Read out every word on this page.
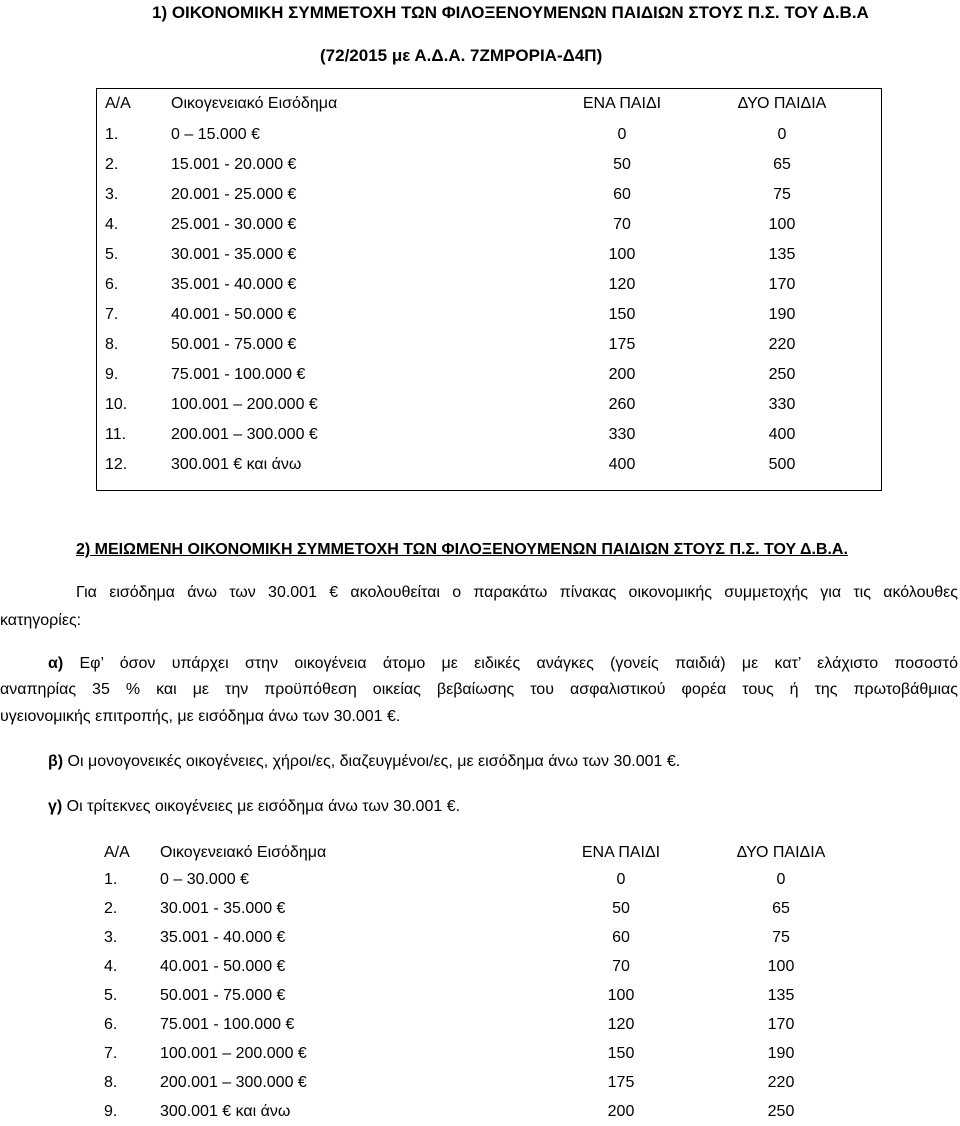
1) ΟΙΚΟΝΟΜΙΚΗ ΣΥΜΜΕΤΟΧΗ ΤΩΝ ΦΙΛΟΞΕΝΟΥΜΕΝΩΝ ΠΑΙΔΙΩΝ ΣΤΟΥΣ Π.Σ. ΤΟΥ Δ.Β.Α
(72/2015 με Α.Δ.Α. 7ΖΜΡΟΡΙΑ-Δ4Π)
Α/Α	Οικογενειακό Εισόδημα	ΕΝΑ ΠΑΙΔΙ	ΔΥΟ ΠΑΙΔΙΑ
1.	0 – 15.000 €	0	0
2.	15.001 - 20.000 €	50	65
3.	20.001 - 25.000 €	60	75
4.	25.001 - 30.000 €	70	100
5.	30.001 - 35.000 €	100	135
6.	35.001 - 40.000 €	120	170
7.	40.001 - 50.000 €	150	190
8.	50.001 - 75.000 €	175	220
9.	75.001 - 100.000 €	200	250
10.	100.001 – 200.000 €	260	330
11.	200.001 – 300.000 €	330	400
12.	300.001 € και άνω	400	500
2) ΜΕΙΩΜΕΝΗ ΟΙΚΟΝΟΜΙΚΗ ΣΥΜΜΕΤΟΧΗ ΤΩΝ ΦΙΛΟΞΕΝΟΥΜΕΝΩΝ ΠΑΙΔΙΩΝ ΣΤΟΥΣ Π.Σ. ΤΟΥ Δ.Β.Α.
Για εισόδημα άνω των 30.001 € ακολουθείται ο παρακάτω πίνακας οικονομικής συμμετοχής για τις ακόλουθες
κατηγορίες:
α) Εφ’ όσον υπάρχει στην οικογένεια άτομο με ειδικές ανάγκες (γονείς παιδιά) με κατ’ ελάχιστο ποσοστό
αναπηρίας 35 % και με την προϋπόθεση οικείας βεβαίωσης του ασφαλιστικού φορέα τους ή της πρωτοβάθμιας
υγειονομικής επιτροπής, με εισόδημα άνω των 30.001 €.
β) Οι μονογονεικές οικογένειες, χήροι/ες, διαζευγμένοι/ες, με εισόδημα άνω των 30.001 €.
γ) Οι τρίτεκνες οικογένειες με εισόδημα άνω των 30.001 €.
Α/Α Οικογενειακό Εισόδημα	ΕΝΑ ΠΑΙΔΙ	ΔΥΟ ΠΑΙΔΙΑ
1.	0 – 30.000 €	0	0
2.	30.001 - 35.000 €	50	65
3.	35.001 - 40.000 €	60	75
4.	40.001 - 50.000 €	70	100
5.	50.001 - 75.000 €	100	135
6.	75.001 - 100.000 €	120	170
7.	100.001 – 200.000 €	150	190
8.	200.001 – 300.000 €	175	220
9.	300.001 € και άνω	200	250
